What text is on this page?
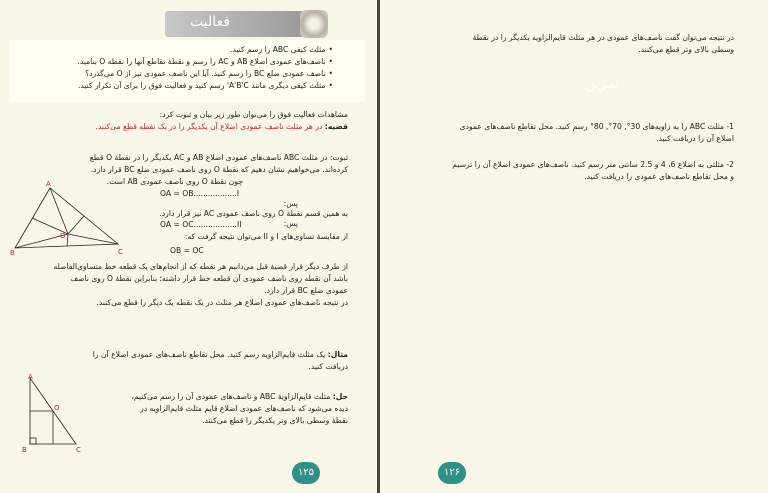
فعالیت
• مثلث کیفی ABC را رسم کنید.
• ناصف‌های عمودی اضلاع AB و AC را رسم و نقطهٔ تقاطع آنها را نقطه O بنامید.
• ناصف عمودی ضلع BC را رسم کنید. آیا این ناصف عمودی نیز از O می‌گذرد؟
• مثلث کیفی دیگری مانند A'B'C' رسم کنید و فعالیت فوق را برای آن تکرار کنید.
مشاهدات فعالیت فوق را می‌توان طور زیر بیان و ثبوت کرد:
قضیه: در هر مثلث ناصف عمودی اضلاع آن یکدیگر را در یک نقطه قطع می‌کنند.
ثبوت: در مثلث ABC ناصف‌های عمودی اضلاع AB و AC یکدیگر را در نقطهٔ O قطع
کرده‌اند. می‌خواهیم نشان دهیم که نقطهٔ O روی ناصف عمودی ضلع BC قرار دارد.
چون نقطهٔ O روی ناصف عمودی AB است.
OA = OB..................I
پس:
به همین قسم نقطهٔ O روی ناصف عمودی AC نیز قرار دارد.
پس:
OA = OC..................II
از مقایسهٔ تساوی‌های I و II می‌توان نتیجه گرفت که:
OB = OC
از طرف دیگر قرار قضیهٔ قبل می‌دانیم هر نقطه که از انجام‌های یک قطعه خط متساوی‌الفاصله
باشد آن نقطه روی ناصف عمودی آن قطعه خط قرار داشته؛ بنابراین نقطهٔ O روی ناصف
عمودی ضلع BC قرار دارد.
در نتیجه ناصف‌های عمودی اضلاع هر مثلث در یک نقطه یک دیگر را قطع می‌کنند.
A
B	C
O
مثال: یک مثلث قایم‌الزاویه رسم کنید. محل تقاطع ناصف‌های عمودی اضلاع آن را
دریافت کنید.
حل: مثلث قایم‌الزاویهٔ ABC و ناصف‌های عمودی آن را رسم می‌کنیم،
دیده می‌شود که ناصف‌های عمودی اضلاع قایم مثلث قایم‌الزاویه در
نقطهٔ وسطی بالای وتر یکدیگر را قطع می‌کنند.
A
B	C
O
۱۲۵
در نتیجه می‌توان گفت ناصف‌های عمودی در هر مثلث قایم‌الزاویه یکدیگر را در نقطهٔ
وسطی بالای وتر قطع می‌کنند.
تمرین
1- مثلث ABC را به زاویه‌های 30°, 70°, 80° رسم کنید. محل تقاطع ناصف‌های عمودی
اضلاع آن را دریافت کنید.
2- مثلثی به اضلاع 6، 4 و 2.5 سانتی متر رسم کنید. ناصف‌های عمودی اضلاع آن را ترسیم
و محل تقاطع ناصف‌های عمودی را دریافت کنید.
۱۲۶
